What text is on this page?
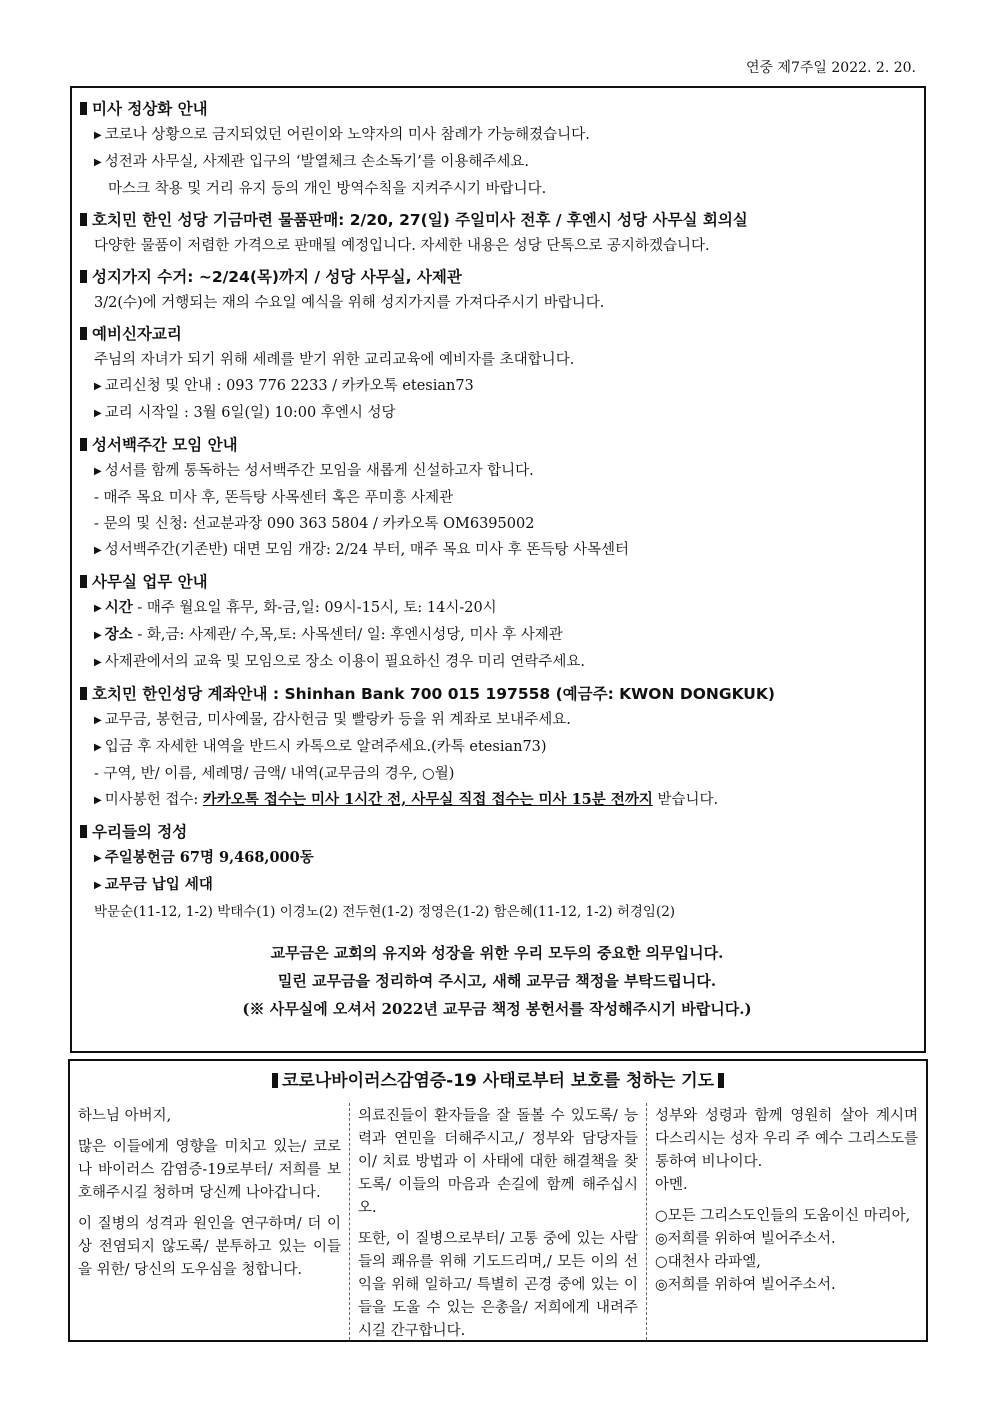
연중 제7주일 2022. 2. 20.
미사 정상화 안내
▶ 코로나 상황으로 금지되었던 어린이와 노약자의 미사 참례가 가능해졌습니다.
▶ 성전과 사무실, 사제관 입구의 ‘발열체크 손소독기’를 이용해주세요.
마스크 착용 및 거리 유지 등의 개인 방역수칙을 지켜주시기 바랍니다.
호치민 한인 성당 기금마련 물품판매: 2/20, 27(일) 주일미사 전후 / 후엔시 성당 사무실 회의실
다양한 물품이 저렴한 가격으로 판매될 예정입니다. 자세한 내용은 성당 단톡으로 공지하겠습니다.
성지가지 수거: ~2/24(목)까지 / 성당 사무실, 사제관
3/2(수)에 거행되는 재의 수요일 예식을 위해 성지가지를 가져다주시기 바랍니다.
예비신자교리
주님의 자녀가 되기 위해 세례를 받기 위한 교리교육에 예비자를 초대합니다.
▶ 교리신청 및 안내 : 093 776 2233 / 카카오톡 etesian73
▶ 교리 시작일 : 3월 6일(일) 10:00 후엔시 성당
성서백주간 모임 안내
▶ 성서를 함께 통독하는 성서백주간 모임을 새롭게 신설하고자 합니다.
- 매주 목요 미사 후, 똔득탕 사목센터 혹은 푸미흥 사제관
- 문의 및 신청: 선교분과장 090 363 5804 / 카카오톡 OM6395002
▶ 성서백주간(기존반) 대면 모임 개강: 2/24 부터, 매주 목요 미사 후 똔득탕 사목센터
사무실 업무 안내
▶ 시간 - 매주 월요일 휴무, 화-금,일: 09시-15시, 토: 14시-20시
▶ 장소 - 화,금: 사제관/ 수,목,토: 사목센터/ 일: 후엔시성당, 미사 후 사제관
▶ 사제관에서의 교육 및 모임으로 장소 이용이 필요하신 경우 미리 연락주세요.
호치민 한인성당 계좌안내 : Shinhan Bank 700 015 197558 (예금주: KWON DONGKUK)
▶ 교무금, 봉헌금, 미사예물, 감사헌금 및 빨랑카 등을 위 계좌로 보내주세요.
▶ 입금 후 자세한 내역을 반드시 카톡으로 알려주세요.(카톡 etesian73)
- 구역, 반/ 이름, 세례명/ 금액/ 내역(교무금의 경우, ○월)
▶ 미사봉헌 접수: 카카오톡 접수는 미사 1시간 전, 사무실 직접 접수는 미사 15분 전까지 받습니다.
우리들의 정성
▶ 주일봉헌금 67명 9,468,000동
▶ 교무금 납입 세대
박문순(11-12, 1-2) 박태수(1) 이경노(2) 전두현(1-2) 정영은(1-2) 함은혜(11-12, 1-2) 허경임(2)
교무금은 교회의 유지와 성장을 위한 우리 모두의 중요한 의무입니다.
밀린 교무금을 정리하여 주시고, 새해 교무금 책정을 부탁드립니다.
(※ 사무실에 오셔서 2022년 교무금 책정 봉헌서를 작성해주시기 바랍니다.)
코로나바이러스감염증-19 사태로부터 보호를 청하는 기도

하느님 아버지,

많은 이들에게 영향을 미치고 있는/ 코로나 바이러스 감염증-19로부터/ 저희를 보호해주시길 청하며 당신께 나아갑니다.

이 질병의 성격과 원인을 연구하며/ 더 이상 전염되지 않도록/ 분투하고 있는 이들을 위한/ 당신의 도우심을 청합니다.

의료진들이 환자들을 잘 돌볼 수 있도록/ 능력과 연민을 더해주시고,/ 정부와 담당자들이/ 치료 방법과 이 사태에 대한 해결책을 찾도록/ 이들의 마음과 손길에 함께 해주십시오.

또한, 이 질병으로부터/ 고통 중에 있는 사람들의 쾌유를 위해 기도드리며,/ 모든 이의 선익을 위해 일하고/ 특별히 곤경 중에 있는 이들을 도울 수 있는 은총을/ 저희에게 내려주시길 간구합니다.

성부와 성령과 함께 영원히 살아 계시며 다스리시는 성자 우리 주 예수 그리스도를 통하여 비나이다.

아멘.

○모든 그리스도인들의 도움이신 마리아,

◎저희를 위하여 빌어주소서.

○대천사 라파엘,

◎저희를 위하여 빌어주소서.
